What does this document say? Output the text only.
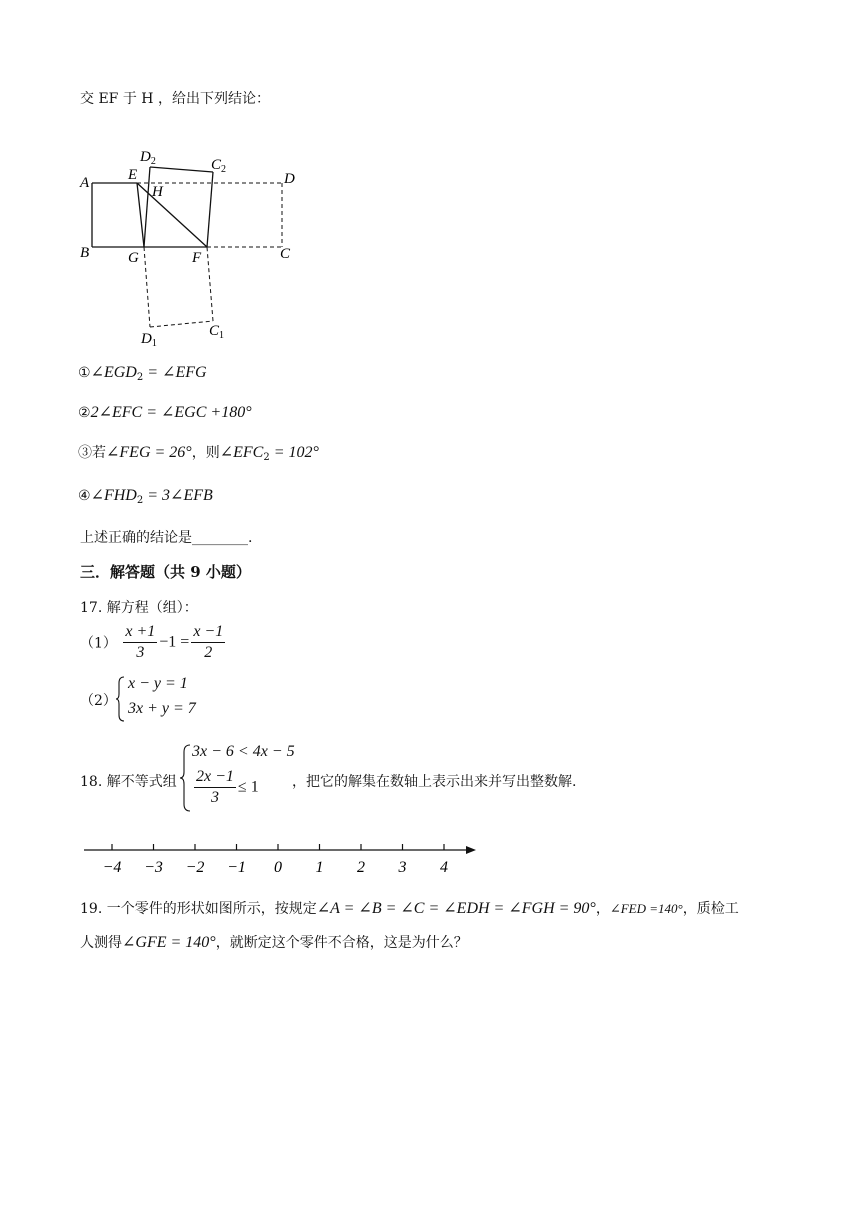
交 EF 于 H ，给出下列结论：
A
B
E
H
G	F
D
C
$D_2$	$C_2$
$D_1$
$C_1$
$①\angle EGD_2$ = ∠EFG
②2∠EFC = ∠EGC +180°
③若∠FEG = 26°，则$\angle EFC_2 = 102^\circ$
$④\angle FHD_2$ = 3∠EFB
上述正确的结论是________.
三．解答题（共 9 小题）
17. 解方程（组）：
$(1) \frac{x +1}{3} -1 = \frac{x -1}{2}$
（2）
x − y = 1
3x + y = 7
18. 解不等式组
3x − 6 < 4x − 5
$\frac{2x -1}{3} \le 1$ ，把它的解集在数轴上表示出来并写出整数解.
−4 −3 −2 −1 0 1 2 3 4
19. 一个零件的形状如图所示，按规定∠A = ∠B = ∠C = ∠EDH = ∠FGH = 90°，∠FED =140°，质检工
人测得∠GFE = 140°，就断定这个零件不合格，这是为什么？
